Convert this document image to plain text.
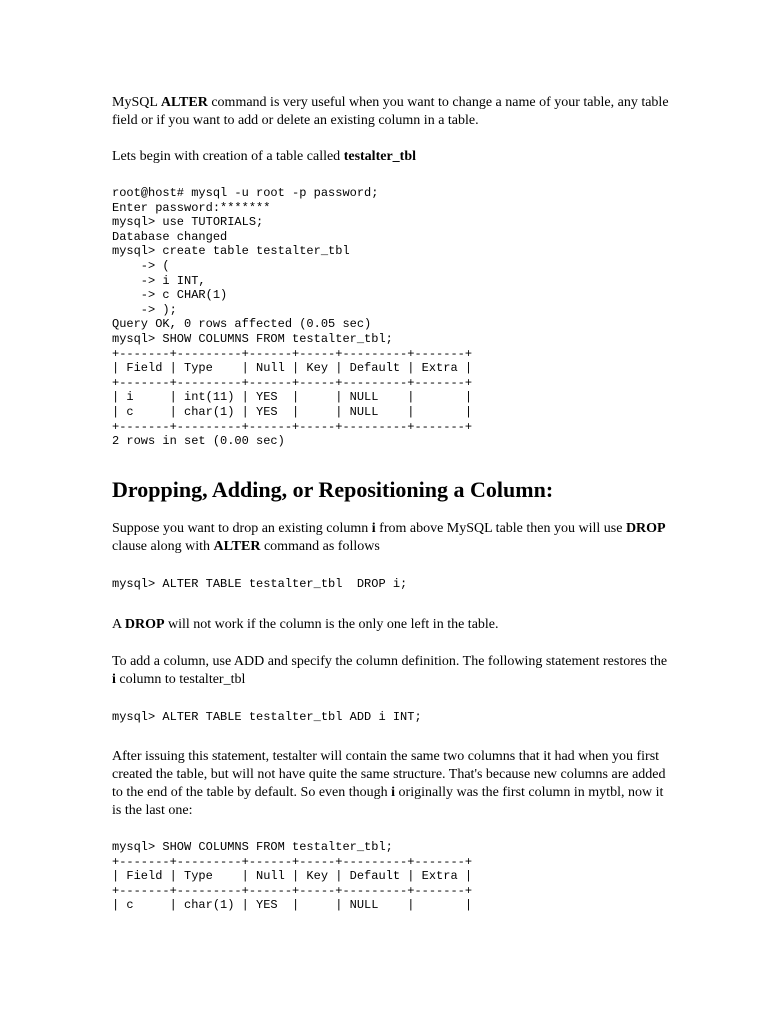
MySQL ALTER command is very useful when you want to change a name of your table, any table field or if you want to add or delete an existing column in a table.

Lets begin with creation of a table called testalter_tbl

root@host# mysql -u root -p password;
Enter password:*******
mysql> use TUTORIALS;
Database changed
mysql> create table testalter_tbl
-> (
-> i INT,
-> c CHAR(1)
-> );
Query OK, 0 rows affected (0.05 sec)
mysql> SHOW COLUMNS FROM testalter_tbl;
+-------+---------+------+-----+---------+-------+
| Field | Type    | Null | Key | Default | Extra |
+-------+---------+------+-----+---------+-------+
| i     | int(11) | YES  |     | NULL    |       |
| c     | char(1) | YES  |     | NULL    |       |
+-------+---------+------+-----+---------+-------+
2 rows in set (0.00 sec)
Dropping, Adding, or Repositioning a Column:

Suppose you want to drop an existing column i from above MySQL table then you will use DROP clause along with ALTER command as follows

mysql> ALTER TABLE testalter_tbl  DROP i;

A DROP will not work if the column is the only one left in the table.

To add a column, use ADD and specify the column definition. The following statement restores the i column to testalter_tbl

mysql> ALTER TABLE testalter_tbl ADD i INT;

After issuing this statement, testalter will contain the same two columns that it had when you first created the table, but will not have quite the same structure. That's because new columns are added to the end of the table by default. So even though i originally was the first column in mytbl, now it is the last one:

mysql> SHOW COLUMNS FROM testalter_tbl;
+-------+---------+------+-----+---------+-------+
| Field | Type    | Null | Key | Default | Extra |
+-------+---------+------+-----+---------+-------+
| c     | char(1) | YES  |     | NULL    |       |
